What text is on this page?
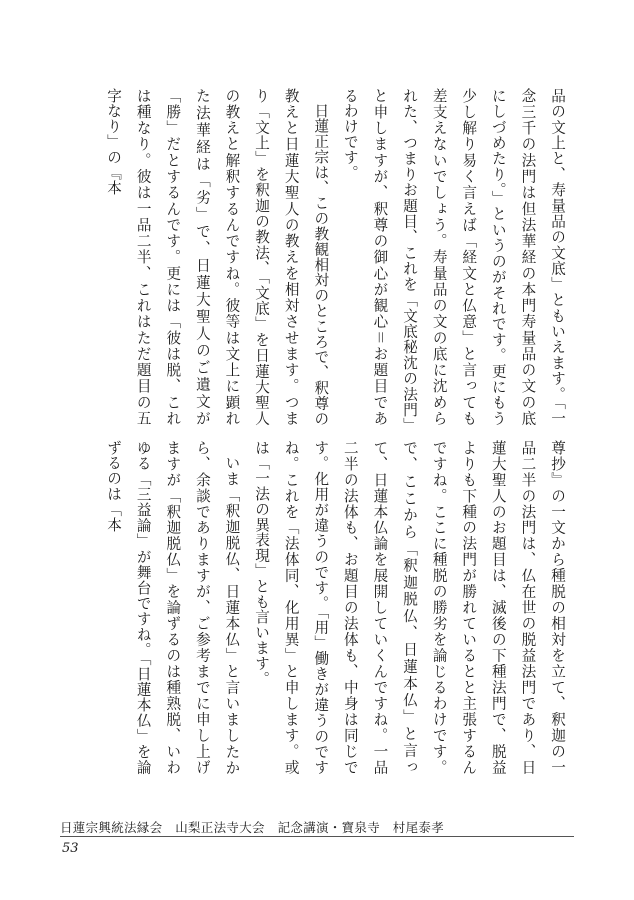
品の文上と、寿量品の文底」ともいえます。「一念三千の法門は但法華経の本門寿量品の文の底にしづめたり。」というのがそれです。更にもう少し解り易く言えば「経文と仏意」と言っても差支えないでしょう。寿量品の文の底に沈められた、つまりお題目、これを「文底秘沈の法門」と申しますが、釈尊の御心が観心＝お題目であるわけです。

日蓮正宗は、この教観相対のところで、釈尊の教えと日蓮大聖人の教えを相対させます。つまり「文上」を釈迦の教法、「文底」を日蓮大聖人の教えと解釈するんですね。彼等は文上に顕れた法華経は「劣」で、日蓮大聖人のご遺文が「勝」だとするんです。更には「彼は脱、これは種なり。彼は一品二半、これはただ題目の五字なり」の『本

尊抄』の一文から種脱の相対を立て、釈迦の一品二半の法門は、仏在世の脱益法門であり、日蓮大聖人のお題目は、滅後の下種法門で、脱益よりも下種の法門が勝れているとと主張するんですね。ここに種脱の勝劣を論じるわけです。で、ここから「釈迦脱仏、日蓮本仏」と言って、日蓮本仏論を展開していくんですね。一品二半の法体も、お題目の法体も、中身は同じです。化用が違うのです。「用」働きが違うのですね。これを「法体同、化用異」と申します。或は「一法の異表現」とも言います。

いま「釈迦脱仏、日蓮本仏」と言いましたから、余談でありますが、ご参考までに申し上げますが「釈迦脱仏」を論ずるのは種熟脱、いわゆる「三益論」が舞台ですね。「日蓮本仏」を論ずるのは「本

日蓮宗興統法縁会　山梨正法寺大会　記念講演・寶泉寺　村尾泰孝
53
